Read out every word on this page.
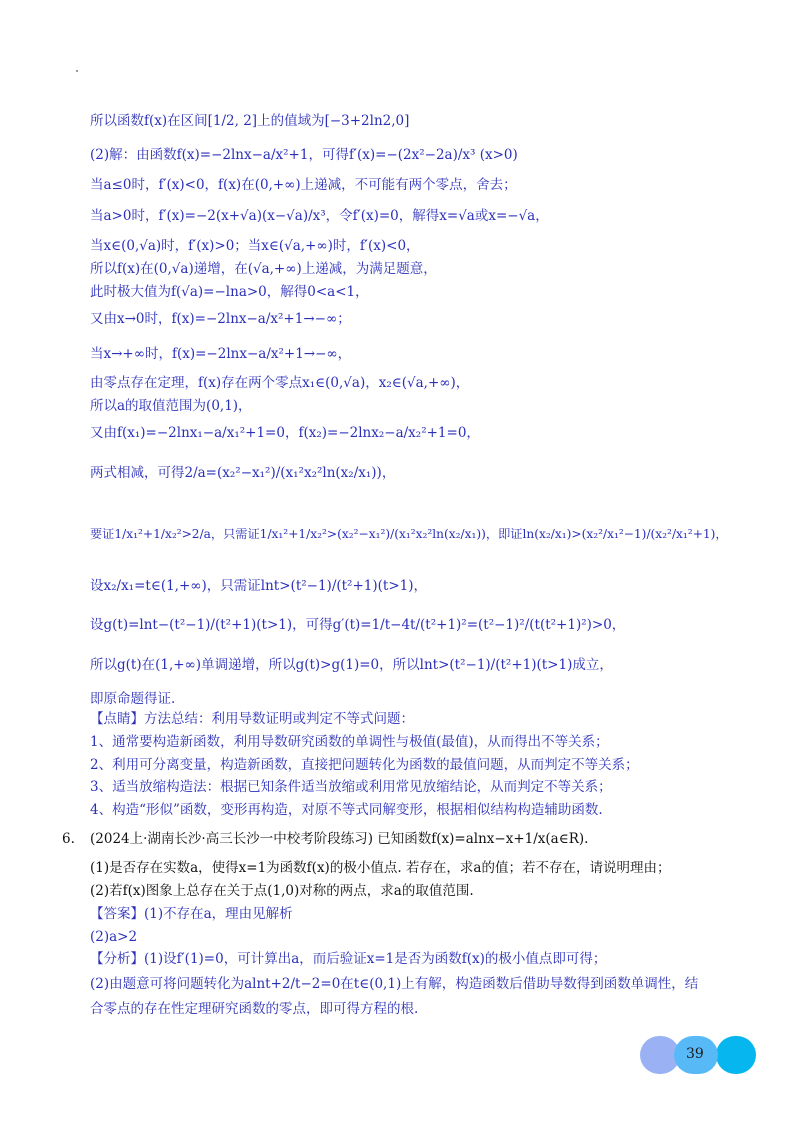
所以函数f(x)在区间[1/2, 2]上的值域为[−3+2ln2,0]
(2)解：由函数f(x)=−2lnx−a/x²+1，可得f′(x)=−(2x²−2a)/x³ (x>0)
当a≤0时，f′(x)<0，f(x)在(0,+∞)上递减，不可能有两个零点，舍去；
当a>0时，f′(x)=−2(x+√a)(x−√a)/x³，令f′(x)=0，解得x=√a或x=−√a，
当x∈(0,√a)时，f′(x)>0；当x∈(√a,+∞)时，f′(x)<0，
所以f(x)在(0,√a)递增，在(√a,+∞)上递减，为满足题意，
此时极大值为f(√a)=−lna>0，解得0<a<1，
又由x→0时，f(x)=−2lnx−a/x²+1→−∞；
当x→+∞时，f(x)=−2lnx−a/x²+1→−∞，
由零点存在定理，f(x)存在两个零点x₁∈(0,√a)，x₂∈(√a,+∞)，
所以a的取值范围为(0,1)，
又由f(x₁)=−2lnx₁−a/x₁²+1=0，f(x₂)=−2lnx₂−a/x₂²+1=0，
两式相减，可得2/a=(x₂²−x₁²)/(x₁²x₂²ln(x₂/x₁))，
要证1/x₁²+1/x₂²>2/a，只需证1/x₁²+1/x₂²>(x₂²−x₁²)/(x₁²x₂²ln(x₂/x₁))，即证ln(x₂/x₁)>(x₂²/x₁²−1)/(x₂²/x₁²+1)，
设x₂/x₁=t∈(1,+∞)，只需证lnt>(t²−1)/(t²+1)(t>1)，
设g(t)=lnt−(t²−1)/(t²+1)(t>1)，可得g′(t)=1/t−4t/(t²+1)²=(t²−1)²/(t(t²+1)²)>0，
所以g(t)在(1,+∞)单调递增，所以g(t)>g(1)=0，所以lnt>(t²−1)/(t²+1)(t>1)成立，
即原命题得证.
【点睛】方法总结：利用导数证明或判定不等式问题：
1、通常要构造新函数，利用导数研究函数的单调性与极值(最值)，从而得出不等关系；
2、利用可分离变量，构造新函数，直接把问题转化为函数的最值问题，从而判定不等关系；
3、适当放缩构造法：根据已知条件适当放缩或利用常见放缩结论，从而判定不等关系；
4、构造“形似”函数，变形再构造，对原不等式同解变形，根据相似结构构造辅助函数.
6. (2024上·湖南长沙·高三长沙一中校考阶段练习) 已知函数f(x)=alnx−x+1/x(a∈R).
(1)是否存在实数a，使得x=1为函数f(x)的极小值点. 若存在，求a的值；若不存在，请说明理由；
(2)若f(x)图象上总存在关于点(1,0)对称的两点，求a的取值范围.
【答案】(1)不存在a，理由见解析
(2)a>2
【分析】(1)设f′(1)=0，可计算出a，而后验证x=1是否为函数f(x)的极小值点即可得；
(2)由题意可将问题转化为alnt+2/t−2=0在t∈(0,1)上有解，构造函数后借助导数得到函数单调性，结
合零点的存在性定理研究函数的零点，即可得方程的根.
39
